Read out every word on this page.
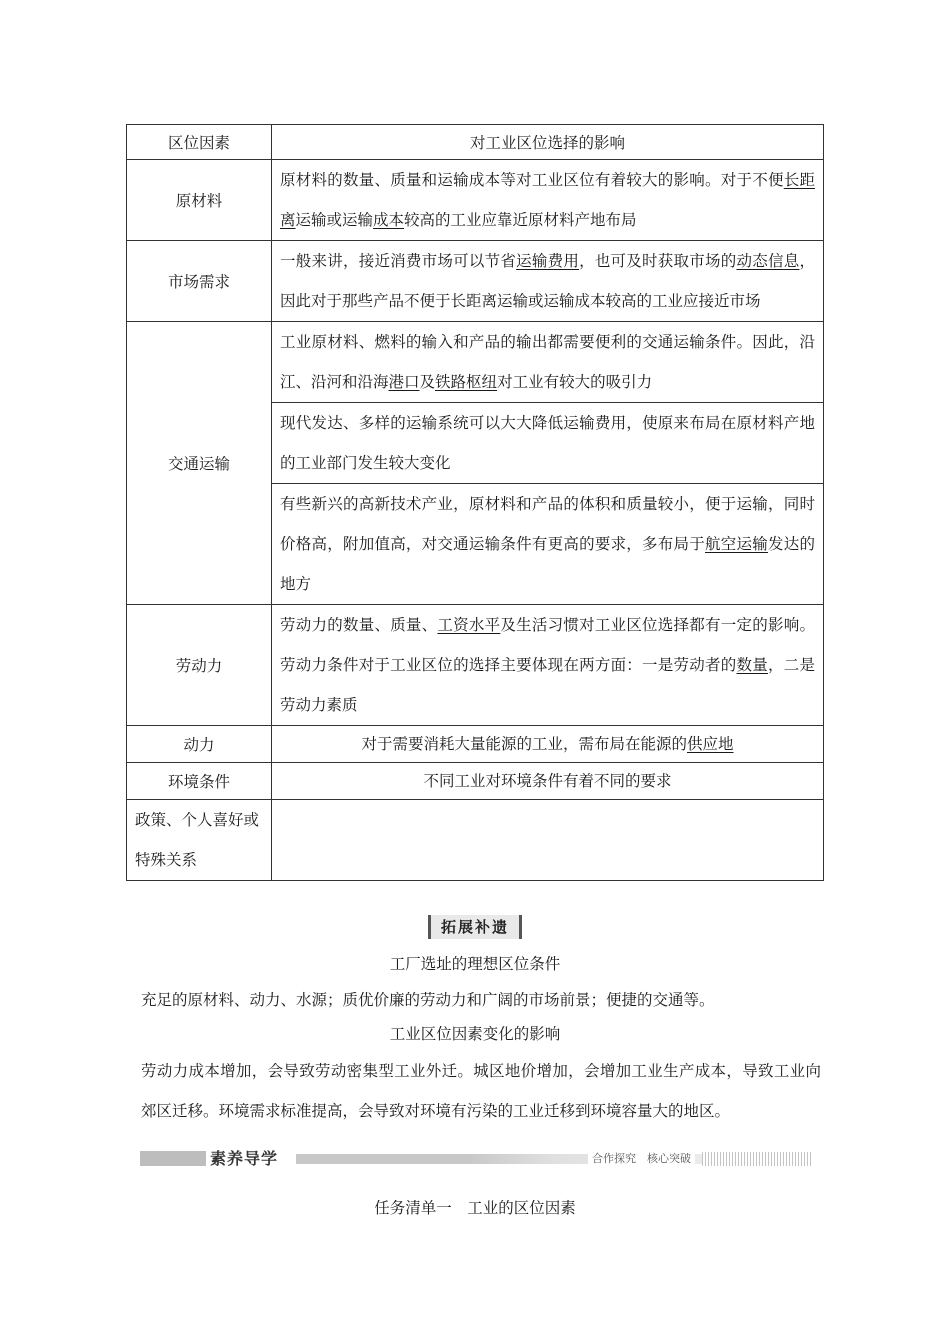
区位因素	对工业区位选择的影响
原材料	原材料的数量、质量和运输成本等对工业区位有着较大的影响。对于不便长距离运输或运输成本较高的工业应靠近原材料产地布局
市场需求	一般来讲，接近消费市场可以节省运输费用，也可及时获取市场的动态信息，因此对于那些产品不便于长距离运输或运输成本较高的工业应接近市场
交通运输	工业原材料、燃料的输入和产品的输出都需要便利的交通运输条件。因此，沿江、沿河和沿海港口及铁路枢纽对工业有较大的吸引力
	现代发达、多样的运输系统可以大大降低运输费用，使原来布局在原材料产地的工业部门发生较大变化
	有些新兴的高新技术产业，原材料和产品的体积和质量较小，便于运输，同时价格高，附加值高，对交通运输条件有更高的要求，多布局于航空运输发达的地方
劳动力	劳动力的数量、质量、工资水平及生活习惯对工业区位选择都有一定的影响。劳动力条件对于工业区位的选择主要体现在两方面：一是劳动者的数量，二是劳动力素质
动力	对于需要消耗大量能源的工业，需布局在能源的供应地
环境条件	不同工业对环境条件有着不同的要求
政策、个人喜好或特殊关系	
拓展补遗
工厂选址的理想区位条件
充足的原材料、动力、水源；质优价廉的劳动力和广阔的市场前景；便捷的交通等。
工业区位因素变化的影响
劳动力成本增加，会导致劳动密集型工业外迁。城区地价增加，会增加工业生产成本，导致工业向郊区迁移。环境需求标准提高，会导致对环境有污染的工业迁移到环境容量大的地区。
素养导学	合作探究　核心突破
任务清单一　工业的区位因素
